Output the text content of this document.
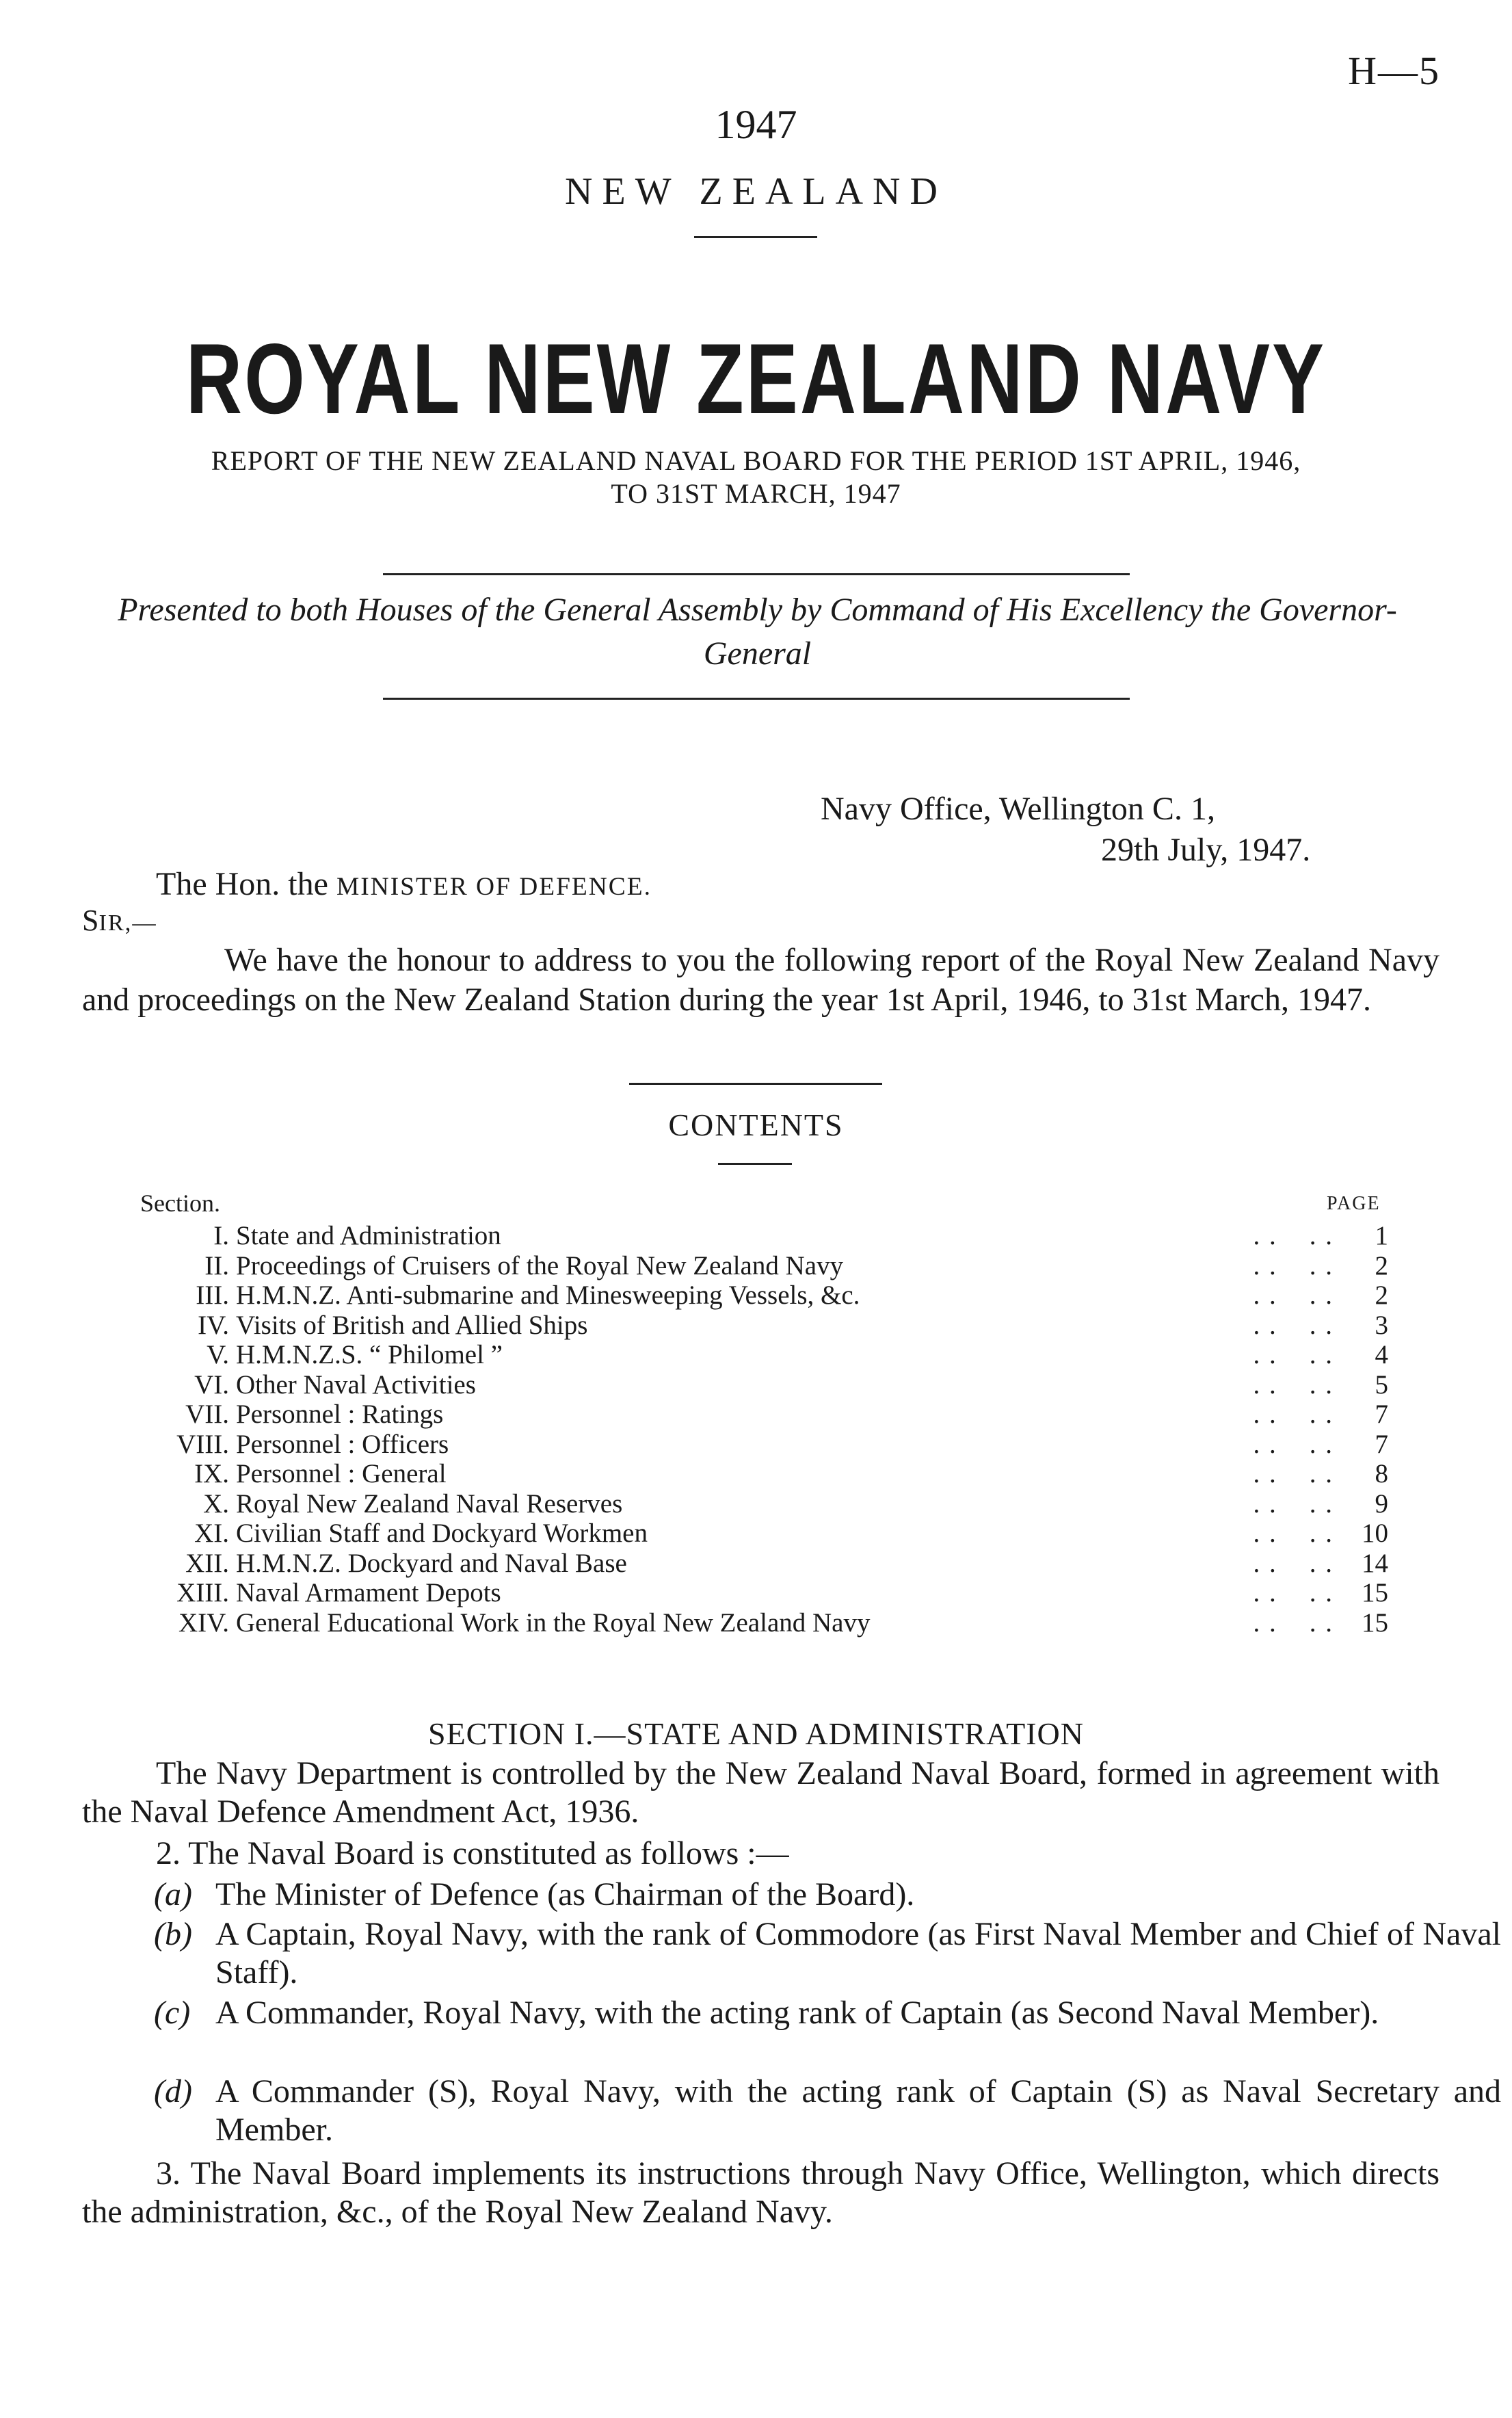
H—5
1947
NEW ZEALAND
ROYAL NEW ZEALAND NAVY
REPORT OF THE NEW ZEALAND NAVAL BOARD FOR THE PERIOD 1ST APRIL, 1946,
TO 31ST MARCH, 1947
Presented to both Houses of the General Assembly by Command of His Excellency the Governor-General
Navy Office, Wellington C. 1,
29th July, 1947.
The Hon. the MINISTER OF DEFENCE.
SIR,—
We have the honour to address to you the following report of the Royal New Zealand Navy and proceedings on the New Zealand Station during the year 1st April, 1946, to 31st March, 1947.
CONTENTS
Section.	PAGE
I. State and Administration	. .    . .	1
II. Proceedings of Cruisers of the Royal New Zealand Navy	. .    . .	2
III. H.M.N.Z. Anti-submarine and Minesweeping Vessels, &c.	. .    . .	2
IV. Visits of British and Allied Ships	. .    . .	3
V. H.M.N.Z.S. “ Philomel ”	. .    . .	4
VI. Other Naval Activities	. .    . .	5
VII. Personnel : Ratings	. .    . .	7
VIII. Personnel : Officers	. .    . .	7
IX. Personnel : General	. .    . .	8
X. Royal New Zealand Naval Reserves	. .    . .	9
XI. Civilian Staff and Dockyard Workmen	. .    . .	10
XII. H.M.N.Z. Dockyard and Naval Base	. .    . .	14
XIII. Naval Armament Depots	. .    . .	15
XIV. General Educational Work in the Royal New Zealand Navy	. .    . .	15
SECTION I.—STATE AND ADMINISTRATION
The Navy Department is controlled by the New Zealand Naval Board, formed in agreement with the Naval Defence Amendment Act, 1936.
2. The Naval Board is constituted as follows :—
(a) The Minister of Defence (as Chairman of the Board).
(b) A Captain, Royal Navy, with the rank of Commodore (as First Naval Member and Chief of Naval Staff).
(c) A Commander, Royal Navy, with the acting rank of Captain (as Second Naval Member).
(d) A Commander (S), Royal Navy, with the acting rank of Captain (S) as Naval Secretary and Member.
3. The Naval Board implements its instructions through Navy Office, Wellington, which directs the administration, &c., of the Royal New Zealand Navy.
